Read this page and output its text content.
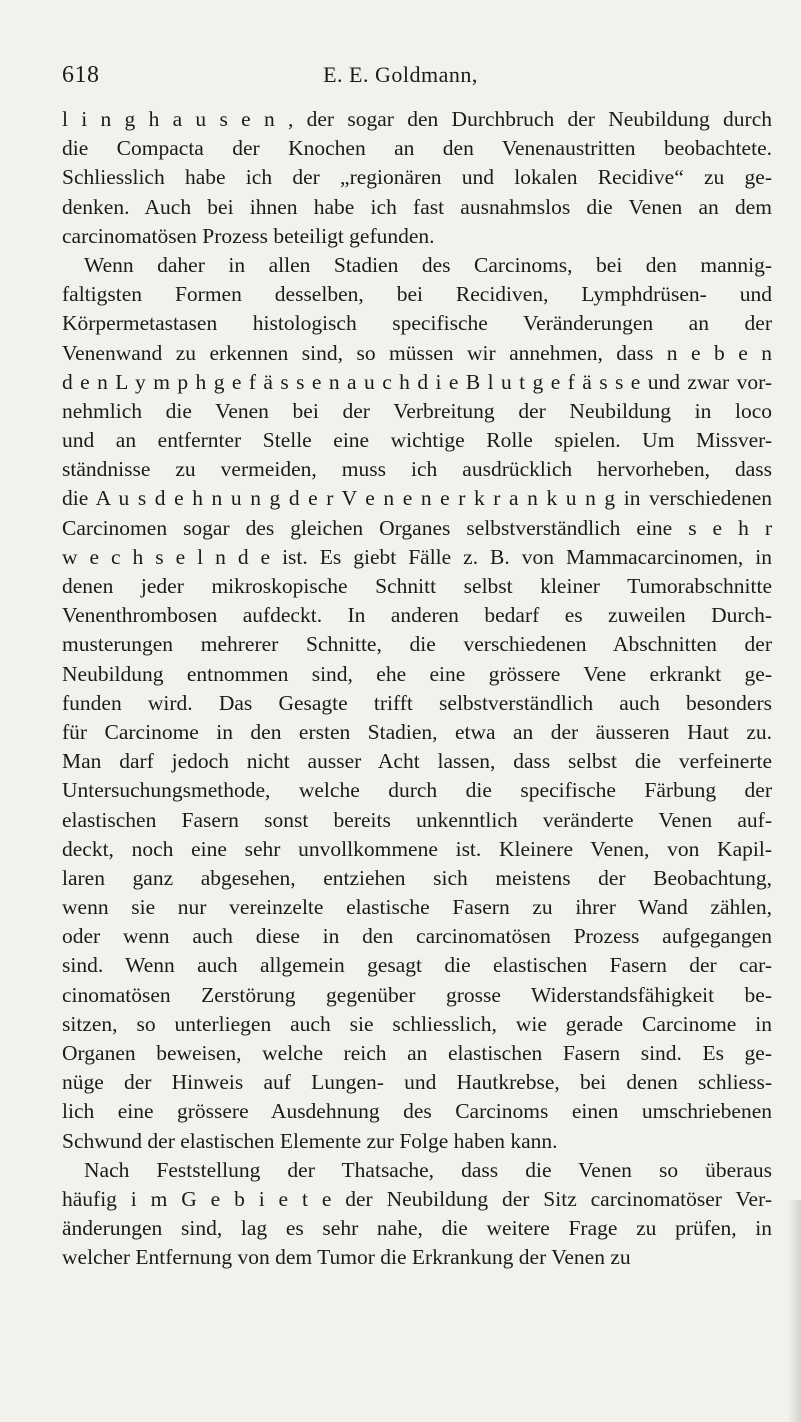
618	E. E. Goldmann,
l i n g h a u s e n , der sogar den Durchbruch der Neubildung durch
die Compacta der Knochen an den Venenaustritten beobachtete.
Schliesslich habe ich der „regionären und lokalen Recidive“ zu ge-
denken. Auch bei ihnen habe ich fast ausnahmslos die Venen an dem
carcinomatösen Prozess beteiligt gefunden.
Wenn daher in allen Stadien des Carcinoms, bei den mannig-
faltigsten Formen desselben, bei Recidiven, Lymphdrüsen- und
Körpermetastasen histologisch specifische Veränderungen an der
Venenwand zu erkennen sind, so müssen wir annehmen, dass n e b e n
d e n L y m p h g e f ä s s e n a u c h d i e B l u t g e f ä s s e und zwar vor-
nehmlich die Venen bei der Verbreitung der Neubildung in loco
und an entfernter Stelle eine wichtige Rolle spielen. Um Missver-
ständnisse zu vermeiden, muss ich ausdrücklich hervorheben, dass
die A u s d e h n u n g d e r V e n e n e r k r a n k u n g in verschiedenen
Carcinomen sogar des gleichen Organes selbstverständlich eine s e h r
w e c h s e l n d e ist. Es giebt Fälle z. B. von Mammacarcinomen, in
denen jeder mikroskopische Schnitt selbst kleiner Tumorabschnitte
Venenthrombosen aufdeckt. In anderen bedarf es zuweilen Durch-
musterungen mehrerer Schnitte, die verschiedenen Abschnitten der
Neubildung entnommen sind, ehe eine grössere Vene erkrankt ge-
funden wird. Das Gesagte trifft selbstverständlich auch besonders
für Carcinome in den ersten Stadien, etwa an der äusseren Haut zu.
Man darf jedoch nicht ausser Acht lassen, dass selbst die verfeinerte
Untersuchungsmethode, welche durch die specifische Färbung der
elastischen Fasern sonst bereits unkenntlich veränderte Venen auf-
deckt, noch eine sehr unvollkommene ist. Kleinere Venen, von Kapil-
laren ganz abgesehen, entziehen sich meistens der Beobachtung,
wenn sie nur vereinzelte elastische Fasern zu ihrer Wand zählen,
oder wenn auch diese in den carcinomatösen Prozess aufgegangen
sind. Wenn auch allgemein gesagt die elastischen Fasern der car-
cinomatösen Zerstörung gegenüber grosse Widerstandsfähigkeit be-
sitzen, so unterliegen auch sie schliesslich, wie gerade Carcinome in
Organen beweisen, welche reich an elastischen Fasern sind. Es ge-
nüge der Hinweis auf Lungen- und Hautkrebse, bei denen schliess-
lich eine grössere Ausdehnung des Carcinoms einen umschriebenen
Schwund der elastischen Elemente zur Folge haben kann.
Nach Feststellung der Thatsache, dass die Venen so überaus
häufig i m G e b i e t e der Neubildung der Sitz carcinomatöser Ver-
änderungen sind, lag es sehr nahe, die weitere Frage zu prüfen, in
welcher Entfernung von dem Tumor die Erkrankung der Venen zu
